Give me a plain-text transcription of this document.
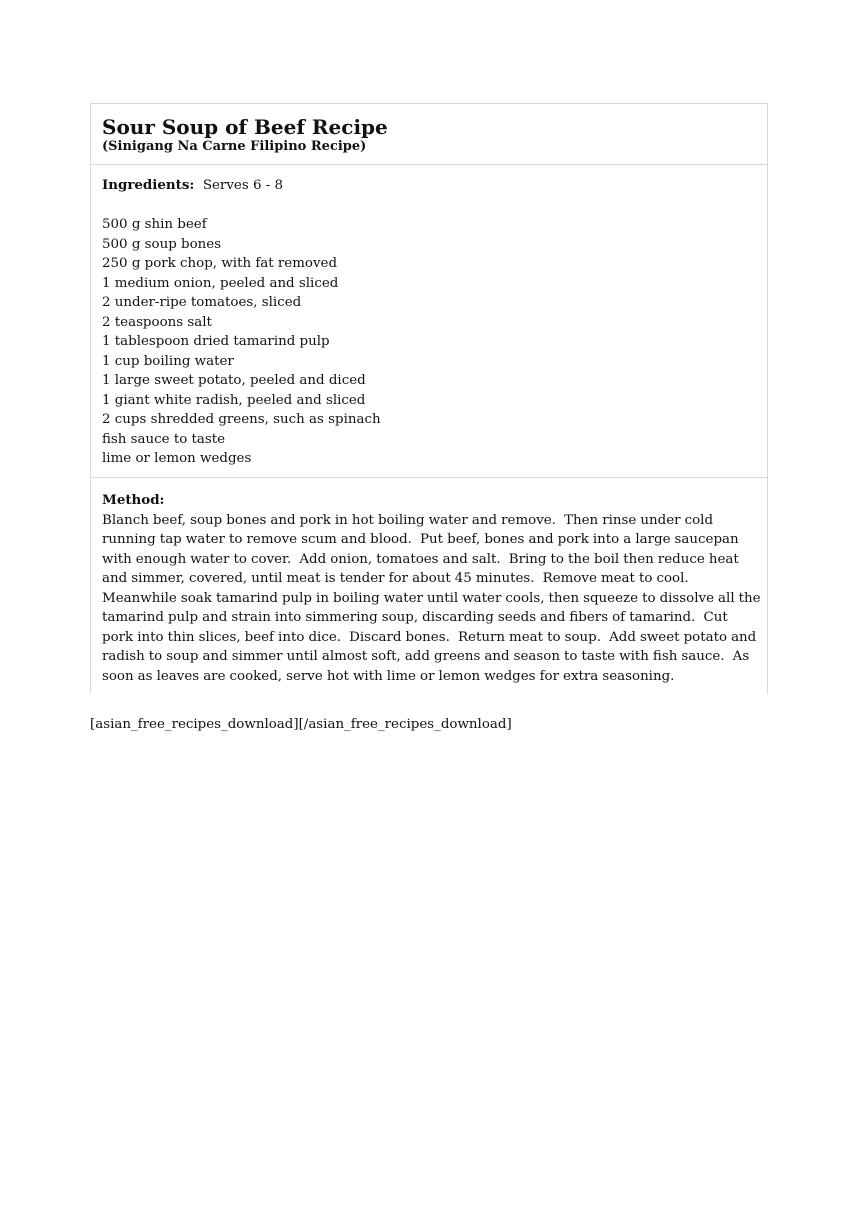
Sour Soup of Beef Recipe
(Sinigang Na Carne Filipino Recipe)

Ingredients: Serves 6 - 8

500 g shin beef
500 g soup bones
250 g pork chop, with fat removed
1 medium onion, peeled and sliced
2 under-ripe tomatoes, sliced
2 teaspoons salt
1 tablespoon dried tamarind pulp
1 cup boiling water
1 large sweet potato, peeled and diced
1 giant white radish, peeled and sliced
2 cups shredded greens, such as spinach
fish sauce to taste
lime or lemon wedges

Method:

Blanch beef, soup bones and pork in hot boiling water and remove.  Then rinse under cold running tap water to remove scum and blood.  Put beef, bones and pork into a large saucepan with enough water to cover.  Add onion, tomatoes and salt.  Bring to the boil then reduce heat and simmer, covered, until meat is tender for about 45 minutes.  Remove meat to cool.  Meanwhile soak tamarind pulp in boiling water until water cools, then squeeze to dissolve all the tamarind pulp and strain into simmering soup, discarding seeds and fibers of tamarind.  Cut pork into thin slices, beef into dice.  Discard bones.  Return meat to soup.  Add sweet potato and radish to soup and simmer until almost soft, add greens and season to taste with fish sauce.  As soon as leaves are cooked, serve hot with lime or lemon wedges for extra seasoning.

[asian_free_recipes_download][/asian_free_recipes_download]
